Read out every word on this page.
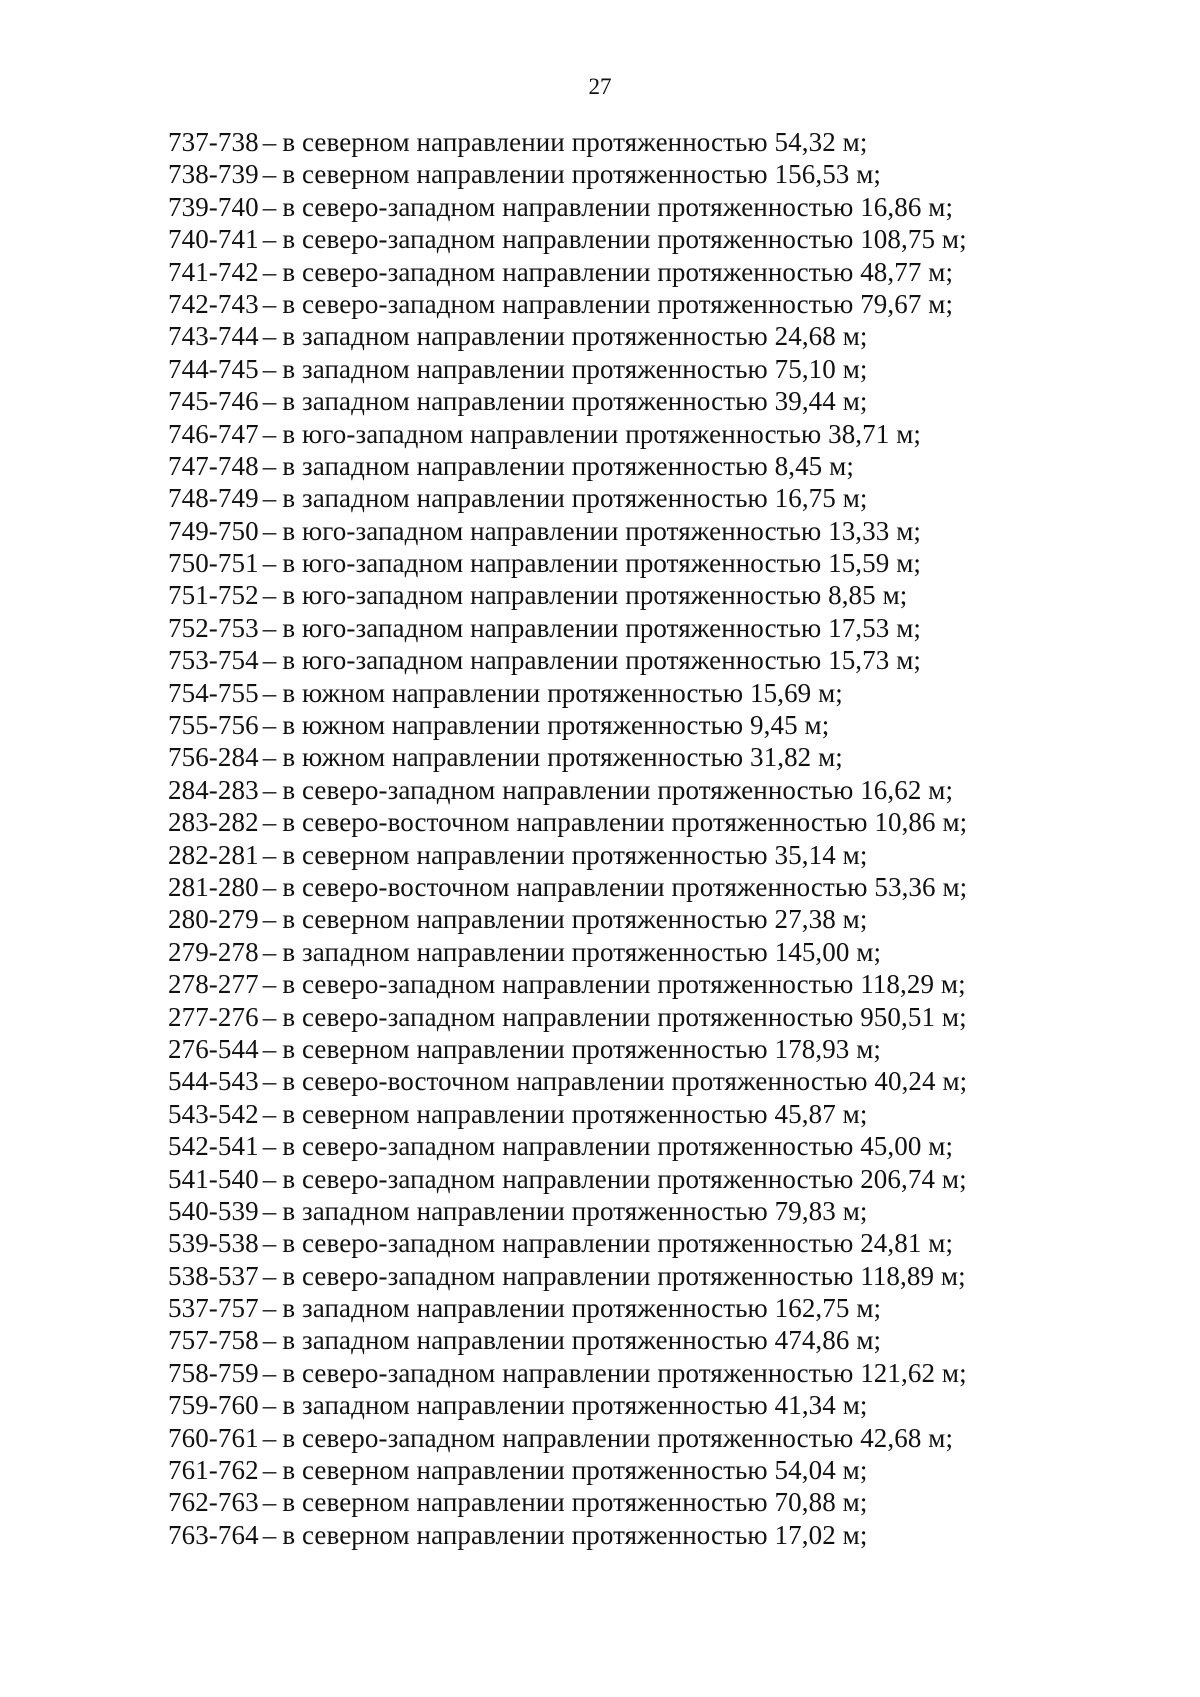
27
737-738 – в северном направлении протяженностью 54,32 м;
738-739 – в северном направлении протяженностью 156,53 м;
739-740 – в северо-западном направлении протяженностью 16,86 м;
740-741 – в северо-западном направлении протяженностью 108,75 м;
741-742 – в северо-западном направлении протяженностью 48,77 м;
742-743 – в северо-западном направлении протяженностью 79,67 м;
743-744 – в западном направлении протяженностью 24,68 м;
744-745 – в западном направлении протяженностью 75,10 м;
745-746 – в западном направлении протяженностью 39,44 м;
746-747 – в юго-западном направлении протяженностью 38,71 м;
747-748 – в западном направлении протяженностью 8,45 м;
748-749 – в западном направлении протяженностью 16,75 м;
749-750 – в юго-западном направлении протяженностью 13,33 м;
750-751 – в юго-западном направлении протяженностью 15,59 м;
751-752 – в юго-западном направлении протяженностью 8,85 м;
752-753 – в юго-западном направлении протяженностью 17,53 м;
753-754 – в юго-западном направлении протяженностью 15,73 м;
754-755 – в южном направлении протяженностью 15,69 м;
755-756 – в южном направлении протяженностью 9,45 м;
756-284 – в южном направлении протяженностью 31,82 м;
284-283 – в северо-западном направлении протяженностью 16,62 м;
283-282 – в северо-восточном направлении протяженностью 10,86 м;
282-281 – в северном направлении протяженностью 35,14 м;
281-280 – в северо-восточном направлении протяженностью 53,36 м;
280-279 – в северном направлении протяженностью 27,38 м;
279-278 – в западном направлении протяженностью 145,00 м;
278-277 – в северо-западном направлении протяженностью 118,29 м;
277-276 – в северо-западном направлении протяженностью 950,51 м;
276-544 – в северном направлении протяженностью 178,93 м;
544-543 – в северо-восточном направлении протяженностью 40,24 м;
543-542 – в северном направлении протяженностью 45,87 м;
542-541 – в северо-западном направлении протяженностью 45,00 м;
541-540 – в северо-западном направлении протяженностью 206,74 м;
540-539 – в западном направлении протяженностью 79,83 м;
539-538 – в северо-западном направлении протяженностью 24,81 м;
538-537 – в северо-западном направлении протяженностью 118,89 м;
537-757 – в западном направлении протяженностью 162,75 м;
757-758 – в западном направлении протяженностью 474,86 м;
758-759 – в северо-западном направлении протяженностью 121,62 м;
759-760 – в западном направлении протяженностью 41,34 м;
760-761 – в северо-западном направлении протяженностью 42,68 м;
761-762 – в северном направлении протяженностью 54,04 м;
762-763 – в северном направлении протяженностью 70,88 м;
763-764 – в северном направлении протяженностью 17,02 м;
